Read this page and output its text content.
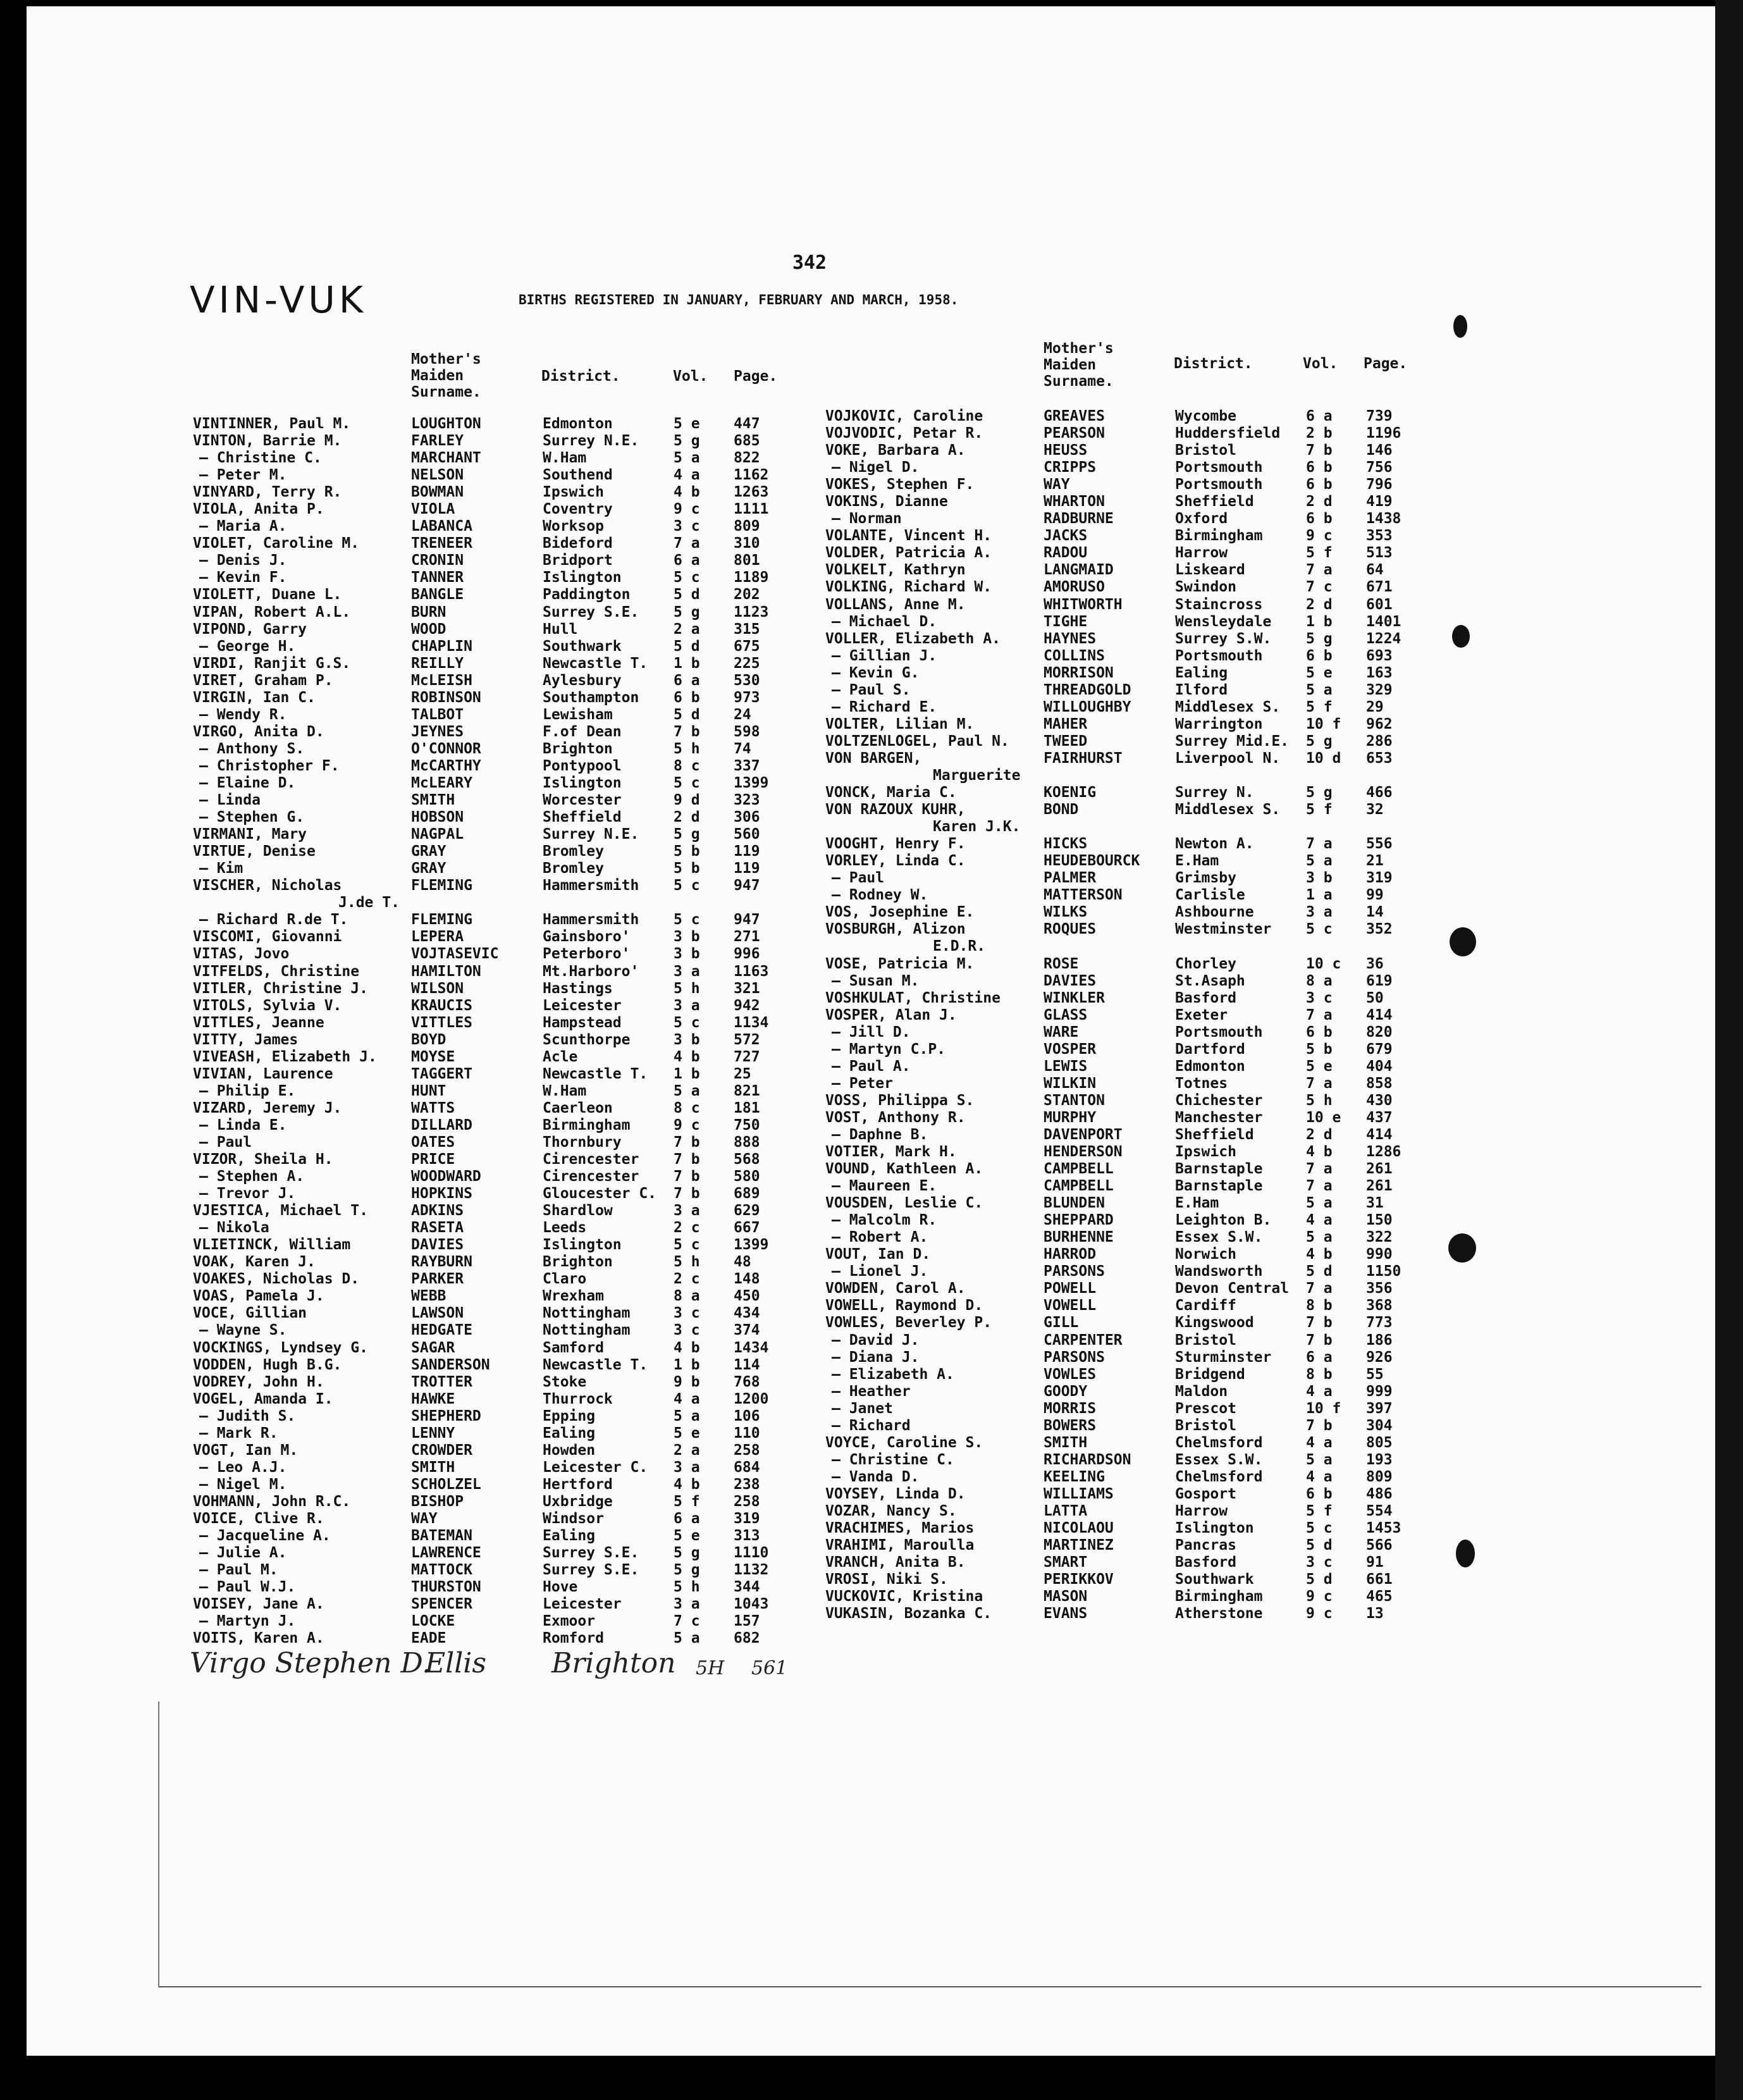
342
VIN-VUK	BIRTHS REGISTERED IN JANUARY, FEBRUARY AND MARCH, 1958.
Mother's
Maiden
Surname.
District.	Vol. Page.
Mother's
Maiden
Surname.
District.	Vol. Page.
VINTINNER, Paul M.	LOUGHTON	Edmonton	5 e 447
VINTON, Barrie M.	FARLEY	Surrey N.E. 5 g 685
— Christine C.	MARCHANT	W.Ham	5 a 822
— Peter M.	NELSON	Southend	4 a 1162
VINYARD, Terry R.	BOWMAN	Ipswich	4 b 1263
VIOLA, Anita P.	VIOLA	Coventry	9 c 1111
— Maria A.	LABANCA	Worksop	3 c 809
VIOLET, Caroline M.	TRENEER	Bideford	7 a 310
— Denis J.	CRONIN	Bridport	6 a 801
— Kevin F.	TANNER	Islington	5 c 1189
VIOLETT, Duane L.	BANGLE	Paddington	5 d 202
VIPAN, Robert A.L.	BURN	Surrey S.E. 5 g 1123
VIPOND, Garry	WOOD	Hull	2 a 315
— George H.	CHAPLIN	Southwark	5 d 675
VIRDI, Ranjit G.S.	REILLY	Newcastle T. 1 b 225
VIRET, Graham P.	McLEISH	Aylesbury	6 a 530
VIRGIN, Ian C.	ROBINSON	Southampton 6 b 973
— Wendy R.	TALBOT	Lewisham	5 d 24
VIRGO, Anita D.	JEYNES	F.of Dean	7 b 598
— Anthony S.	O'CONNOR	Brighton	5 h 74
— Christopher F.	McCARTHY	Pontypool	8 c 337
— Elaine D.	McLEARY	Islington	5 c 1399
— Linda	SMITH	Worcester	9 d 323
— Stephen G.	HOBSON	Sheffield	2 d 306
VIRMANI, Mary	NAGPAL	Surrey N.E. 5 g 560
VIRTUE, Denise	GRAY	Bromley	5 b 119
— Kim	GRAY	Bromley	5 b 119
VISCHER, Nicholas	FLEMING	Hammersmith 5 c 947
J.de T.
— Richard R.de T.	FLEMING	Hammersmith 5 c 947
VISCOMI, Giovanni	LEPERA	Gainsboro'	3 b 271
VITAS, Jovo	VOJTASEVIC	Peterboro'	3 b 996
VITFELDS, Christine	HAMILTON	Mt.Harboro' 3 a 1163
VITLER, Christine J.	WILSON	Hastings	5 h 321
VITOLS, Sylvia V.	KRAUCIS	Leicester	3 a 942
VITTLES, Jeanne	VITTLES	Hampstead	5 c 1134
VITTY, James	BOYD	Scunthorpe	3 b 572
VIVEASH, Elizabeth J. MOYSE	Acle	4 b 727
VIVIAN, Laurence	TAGGERT	Newcastle T. 1 b 25
— Philip E.	HUNT	W.Ham	5 a 821
VIZARD, Jeremy J.	WATTS	Caerleon	8 c 181
— Linda E.	DILLARD	Birmingham	9 c 750
— Paul	OATES	Thornbury	7 b 888
VIZOR, Sheila H.	PRICE	Cirencester 7 b 568
— Stephen A.	WOODWARD	Cirencester 7 b 580
— Trevor J.	HOPKINS	Gloucester C. 7 b 689
VJESTICA, Michael T.	ADKINS	Shardlow	3 a 629
— Nikola	RASETA	Leeds	2 c 667
VLIETINCK, William	DAVIES	Islington	5 c 1399
VOAK, Karen J.	RAYBURN	Brighton	5 h 48
VOAKES, Nicholas D.	PARKER	Claro	2 c 148
VOAS, Pamela J.	WEBB	Wrexham	8 a 450
VOCE, Gillian	LAWSON	Nottingham	3 c 434
— Wayne S.	HEDGATE	Nottingham	3 c 374
VOCKINGS, Lyndsey G.	SAGAR	Samford	4 b 1434
VODDEN, Hugh B.G.	SANDERSON	Newcastle T. 1 b 114
VODREY, John H.	TROTTER	Stoke	9 b 768
VOGEL, Amanda I.	HAWKE	Thurrock	4 a 1200
— Judith S.	SHEPHERD	Epping	5 a 106
— Mark R.	LENNY	Ealing	5 e 110
VOGT, Ian M.	CROWDER	Howden	2 a 258
— Leo A.J.	SMITH	Leicester C. 3 a 684
— Nigel M.	SCHOLZEL	Hertford	4 b 238
VOHMANN, John R.C.	BISHOP	Uxbridge	5 f 258
VOICE, Clive R.	WAY	Windsor	6 a 319
— Jacqueline A.	BATEMAN	Ealing	5 e 313
— Julie A.	LAWRENCE	Surrey S.E. 5 g 1110
— Paul M.	MATTOCK	Surrey S.E. 5 g 1132
— Paul W.J.	THURSTON	Hove	5 h 344
VOISEY, Jane A.	SPENCER	Leicester	3 a 1043
— Martyn J.	LOCKE	Exmoor	7 c 157
VOITS, Karen A.	EADE	Romford	5 a 682
VOJKOVIC, Caroline	GREAVES	Wycombe	6 a 739
VOJVODIC, Petar R.	PEARSON	Huddersfield 2 b 1196
VOKE, Barbara A.	HEUSS	Bristol	7 b 146
— Nigel D.	CRIPPS	Portsmouth	6 b 756
VOKES, Stephen F.	WAY	Portsmouth	6 b 796
VOKINS, Dianne	WHARTON	Sheffield	2 d 419
— Norman	RADBURNE	Oxford	6 b 1438
VOLANTE, Vincent H.	JACKS	Birmingham	9 c 353
VOLDER, Patricia A.	RADOU	Harrow	5 f 513
VOLKELT, Kathryn	LANGMAID	Liskeard	7 a 64
VOLKING, Richard W.	AMORUSO	Swindon	7 c 671
VOLLANS, Anne M.	WHITWORTH	Staincross	2 d 601
— Michael D.	TIGHE	Wensleydale 1 b 1401
VOLLER, Elizabeth A.	HAYNES	Surrey S.W. 5 g 1224
— Gillian J.	COLLINS	Portsmouth	6 b 693
— Kevin G.	MORRISON	Ealing	5 e 163
— Paul S.	THREADGOLD	Ilford	5 a 329
— Richard E.	WILLOUGHBY	Middlesex S. 5 f 29
VOLTER, Lilian M.	MAHER	Warrington	10 f 962
VOLTZENLOGEL, Paul N. TWEED	Surrey Mid.E. 5 g 286
VON BARGEN,	FAIRHURST	Liverpool N. 10 d 653
Marguerite
VONCK, Maria C.	KOENIG	Surrey N.	5 g 466
VON RAZOUX KUHR,	BOND	Middlesex S. 5 f 32
Karen J.K.
VOOGHT, Henry F.	HICKS	Newton A.	7 a 556
VORLEY, Linda C.	HEUDEBOURCK E.Ham	5 a 21
— Paul	PALMER	Grimsby	3 b 319
— Rodney W.	MATTERSON	Carlisle	1 a 99
VOS, Josephine E.	WILKS	Ashbourne	3 a 14
VOSBURGH, Alizon	ROQUES	Westminster 5 c 352
E.D.R.
VOSE, Patricia M.	ROSE	Chorley	10 c 36
— Susan M.	DAVIES	St.Asaph	8 a 619
VOSHKULAT, Christine	WINKLER	Basford	3 c 50
VOSPER, Alan J.	GLASS	Exeter	7 a 414
— Jill D.	WARE	Portsmouth	6 b 820
— Martyn C.P.	VOSPER	Dartford	5 b 679
— Paul A.	LEWIS	Edmonton	5 e 404
— Peter	WILKIN	Totnes	7 a 858
VOSS, Philippa S.	STANTON	Chichester	5 h 430
VOST, Anthony R.	MURPHY	Manchester	10 e 437
— Daphne B.	DAVENPORT	Sheffield	2 d 414
VOTIER, Mark H.	HENDERSON	Ipswich	4 b 1286
VOUND, Kathleen A.	CAMPBELL	Barnstaple	7 a 261
— Maureen E.	CAMPBELL	Barnstaple	7 a 261
VOUSDEN, Leslie C.	BLUNDEN	E.Ham	5 a 31
— Malcolm R.	SHEPPARD	Leighton B. 4 a 150
— Robert A.	BURHENNE	Essex S.W.	5 a 322
VOUT, Ian D.	HARROD	Norwich	4 b 990
— Lionel J.	PARSONS	Wandsworth	5 d 1150
VOWDEN, Carol A.	POWELL	Devon Central 7 a 356
VOWELL, Raymond D.	VOWELL	Cardiff	8 b 368
VOWLES, Beverley P.	GILL	Kingswood	7 b 773
— David J.	CARPENTER	Bristol	7 b 186
— Diana J.	PARSONS	Sturminster 6 a 926
— Elizabeth A.	VOWLES	Bridgend	8 b 55
— Heather	GOODY	Maldon	4 a 999
— Janet	MORRIS	Prescot	10 f 397
— Richard	BOWERS	Bristol	7 b 304
VOYCE, Caroline S.	SMITH	Chelmsford	4 a 805
— Christine C.	RICHARDSON	Essex S.W.	5 a 193
— Vanda D.	KEELING	Chelmsford	4 a 809
VOYSEY, Linda D.	WILLIAMS	Gosport	6 b 486
VOZAR, Nancy S.	LATTA	Harrow	5 f 554
VRACHIMES, Marios	NICOLAOU	Islington	5 c 1453
VRAHIMI, Maroulla	MARTINEZ	Pancras	5 d 566
VRANCH, Anita B.	SMART	Basford	3 c 91
VROSI, Niki S.	PERIKKOV	Southwark	5 d 661
VUCKOVIC, Kristina	MASON	Birmingham	9 c 465
VUKASIN, Bozanka C.	EVANS	Atherstone	9 c 13
Virgo Stephen D.
Ellis Brighton 5H 561
